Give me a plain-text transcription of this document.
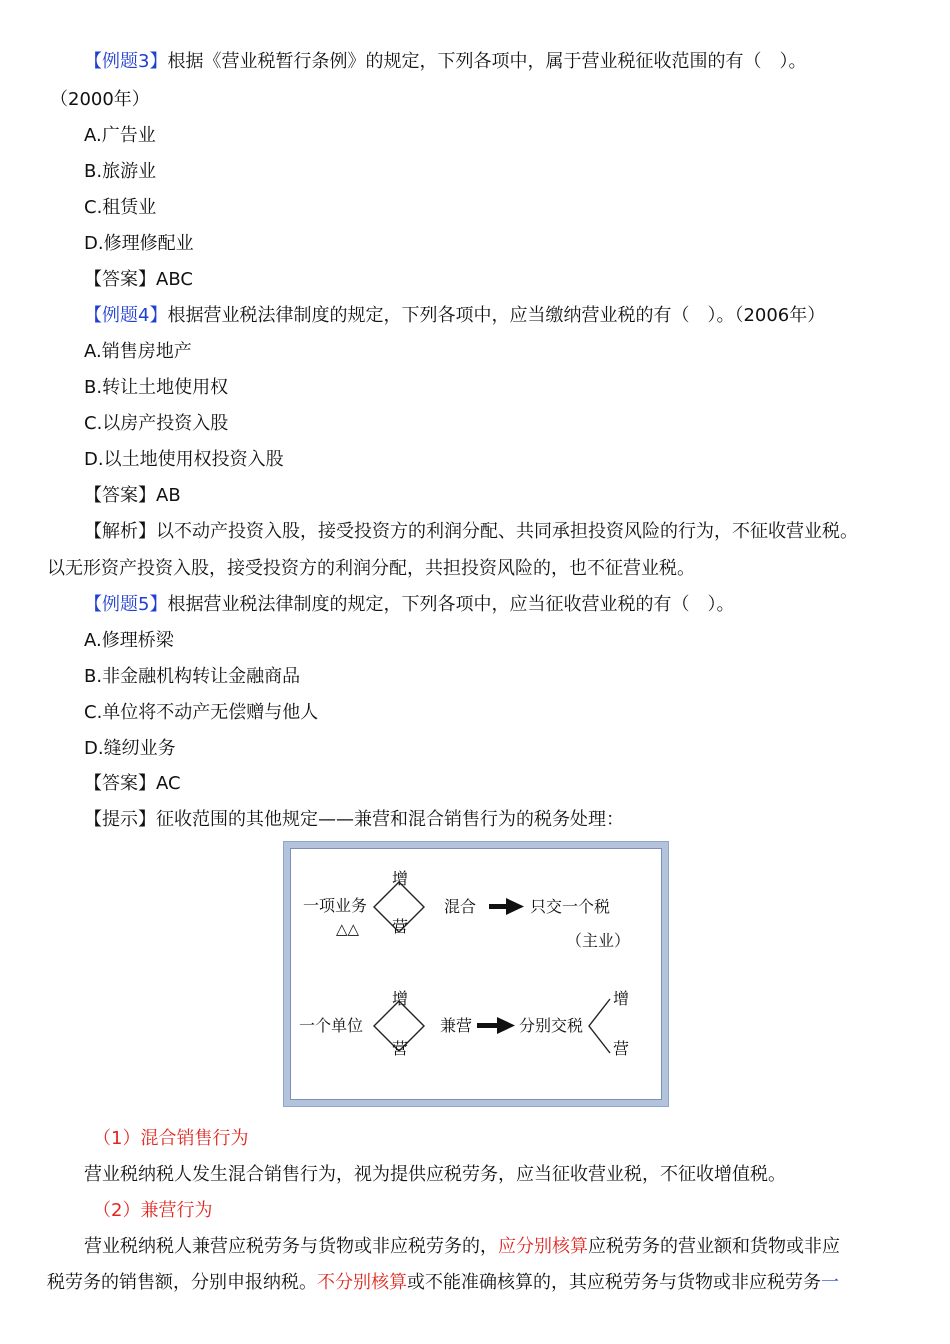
【例题3】根据《营业税暂行条例》的规定，下列各项中，属于营业税征收范围的有（　）。
（2000年）
A.广告业
B.旅游业
C.租赁业
D.修理修配业
【答案】ABC
【例题4】根据营业税法律制度的规定，下列各项中，应当缴纳营业税的有（　）。（2006年）
A.销售房地产
B.转让土地使用权
C.以房产投资入股
D.以土地使用权投资入股
【答案】AB
【解析】以不动产投资入股，接受投资方的利润分配、共同承担投资风险的行为，不征收营业税。
以无形资产投资入股，接受投资方的利润分配，共担投资风险的，也不征营业税。
【例题5】根据营业税法律制度的规定，下列各项中，应当征收营业税的有（　）。
A.修理桥梁
B.非金融机构转让金融商品
C.单位将不动产无偿赠与他人
D.缝纫业务
【答案】AC
【提示】征收范围的其他规定——兼营和混合销售行为的税务处理：
一项业务
△△
增
营
混合	只交一个税
（主业）
一个单位
增
营
兼营	分别交税
增
营
（1）混合销售行为
营业税纳税人发生混合销售行为，视为提供应税劳务，应当征收营业税，不征收增值税。
（2）兼营行为
营业税纳税人兼营应税劳务与货物或非应税劳务的，应分别核算应税劳务的营业额和货物或非应
税劳务的销售额，分别申报纳税。不分别核算或不能准确核算的，其应税劳务与货物或非应税劳务一
